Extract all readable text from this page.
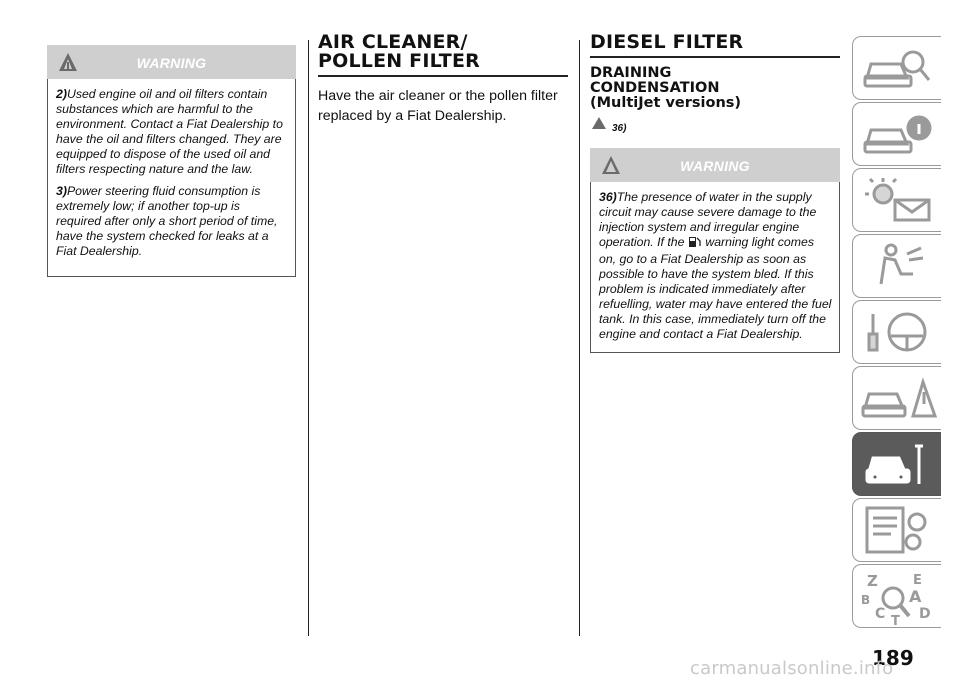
WARNING

2)Used engine oil and oil filters contain substances which are harmful to the environment. Contact a Fiat Dealership to have the oil and filters changed. They are equipped to dispose of the used oil and filters respecting nature and the law.

3)Power steering fluid consumption is extremely low; if another top-up is required after only a short period of time, have the system checked for leaks at a Fiat Dealership.

AIR CLEANER/
POLLEN FILTER
Have the air cleaner or the pollen filter replaced by a Fiat Dealership.
DIESEL FILTER
DRAINING
CONDENSATION
(MultiJet versions)
36)
WARNING

36)The presence of water in the supply circuit may cause severe damage to the injection system and irregular engine operation. If the warning light comes on, go to a Fiat Dealership as soon as possible to have the system bled. If this problem is indicated immediately after refuelling, water may have entered the fuel tank. In this case, immediately turn off the engine and contact a Fiat Dealership.

Z	E
A
B
C T D
189
carmanualsonline.info
